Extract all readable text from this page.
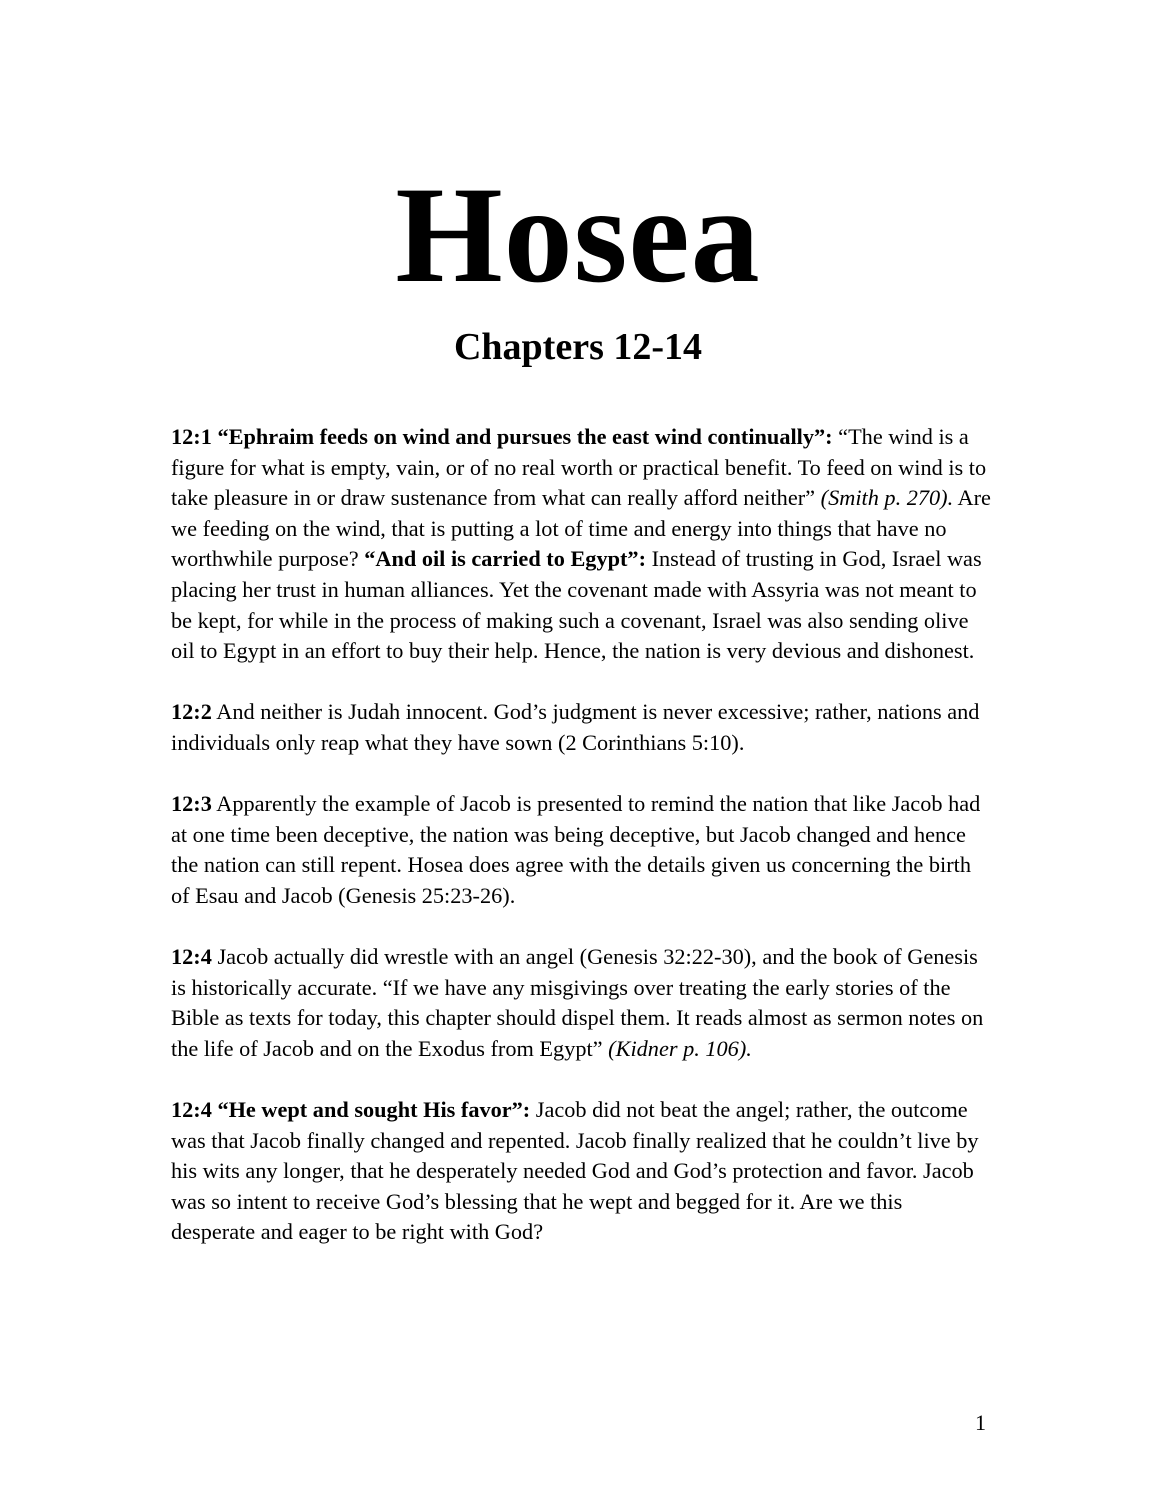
Hosea
Chapters 12-14

12:1 “Ephraim feeds on wind and pursues the east wind continually”: “The wind is a figure for what is empty, vain, or of no real worth or practical benefit. To feed on wind is to take pleasure in or draw sustenance from what can really afford neither” (Smith p. 270). Are we feeding on the wind, that is putting a lot of time and energy into things that have no worthwhile purpose? “And oil is carried to Egypt”: Instead of trusting in God, Israel was placing her trust in human alliances. Yet the covenant made with Assyria was not meant to be kept, for while in the process of making such a covenant, Israel was also sending olive oil to Egypt in an effort to buy their help. Hence, the nation is very devious and dishonest.

12:2 And neither is Judah innocent. God’s judgment is never excessive; rather, nations and individuals only reap what they have sown (2 Corinthians 5:10).

12:3 Apparently the example of Jacob is presented to remind the nation that like Jacob had at one time been deceptive, the nation was being deceptive, but Jacob changed and hence the nation can still repent. Hosea does agree with the details given us concerning the birth of Esau and Jacob (Genesis 25:23-26).

12:4 Jacob actually did wrestle with an angel (Genesis 32:22-30), and the book of Genesis is historically accurate. “If we have any misgivings over treating the early stories of the Bible as texts for today, this chapter should dispel them. It reads almost as sermon notes on the life of Jacob and on the Exodus from Egypt” (Kidner p. 106).

12:4 “He wept and sought His favor”: Jacob did not beat the angel; rather, the outcome was that Jacob finally changed and repented. Jacob finally realized that he couldn’t live by his wits any longer, that he desperately needed God and God’s protection and favor. Jacob was so intent to receive God’s blessing that he wept and begged for it. Are we this desperate and eager to be right with God?

1
